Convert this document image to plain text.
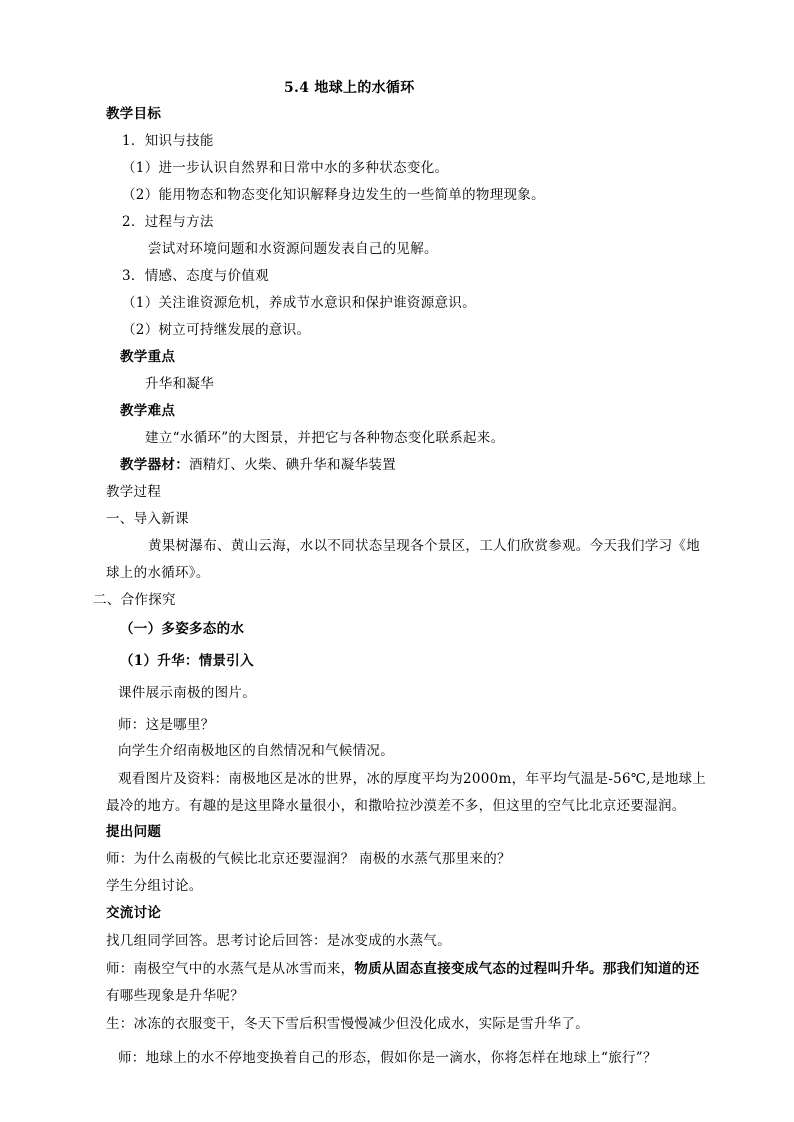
5.4 地球上的水循环
教学目标
1．知识与技能
（1）进一步认识自然界和日常中水的多种状态变化。
（2）能用物态和物态变化知识解释身边发生的一些简单的物理现象。
2．过程与方法
尝试对环境问题和水资源问题发表自己的见解。
3．情感、态度与价值观
（1）关注谁资源危机，养成节水意识和保护谁资源意识。
（2）树立可持继发展的意识。
教学重点
升华和凝华
教学难点
建立“水循环”的大图景，并把它与各种物态变化联系起来。
教学器材：酒精灯、火柴、碘升华和凝华装置
教学过程
一、导入新课
黄果树瀑布、黄山云海，水以不同状态呈现各个景区，工人们欣赏参观。今天我们学习《地
球上的水循环》。
二、合作探究
（一）多姿多态的水
（1）升华：情景引入
课件展示南极的图片。
师：这是哪里？
向学生介绍南极地区的自然情况和气候情况。
观看图片及资料：南极地区是冰的世界，冰的厚度平均为2000m，年平均气温是-56℃,是地球上
最冷的地方。有趣的是这里降水量很小，和撒哈拉沙漠差不多，但这里的空气比北京还要湿润。
提出问题
师：为什么南极的气候比北京还要湿润？ 南极的水蒸气那里来的？
学生分组讨论。
交流讨论
找几组同学回答。思考讨论后回答：是冰变成的水蒸气。
师：南极空气中的水蒸气是从冰雪而来，物质从固态直接变成气态的过程叫升华。那我们知道的还
有哪些现象是升华呢？
生：冰冻的衣服变干，冬天下雪后积雪慢慢减少但没化成水，实际是雪升华了。
师：地球上的水不停地变换着自己的形态，假如你是一滴水，你将怎样在地球上“旅行”？
